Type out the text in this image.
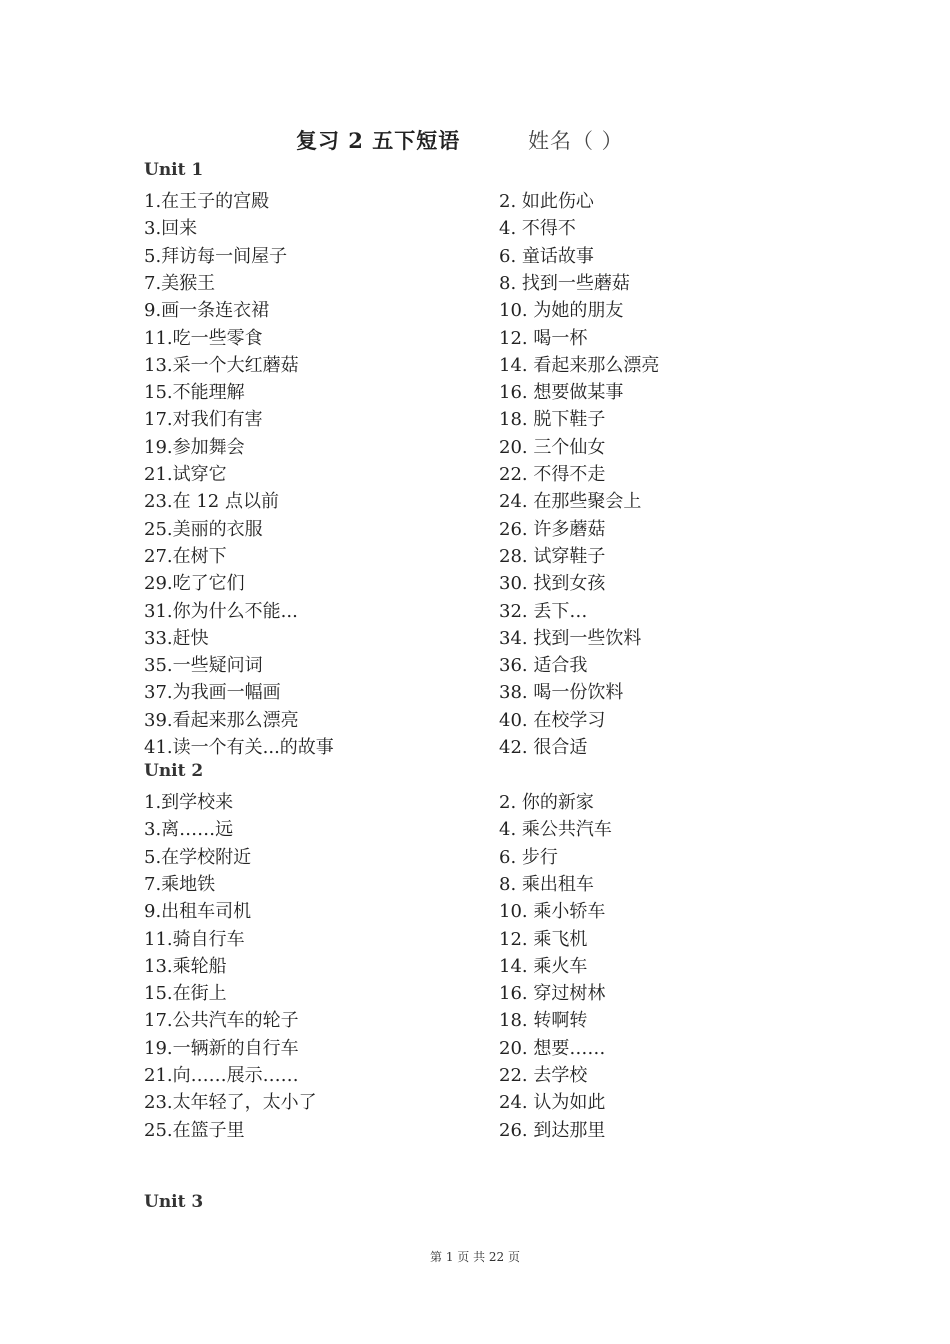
复习 2 五下短语	姓名（ ）
Unit 1
1.在王子的宫殿	2. 如此伤心
3.回来	4. 不得不
5.拜访每一间屋子	6. 童话故事
7.美猴王	8. 找到一些蘑菇
9.画一条连衣裙	10. 为她的朋友
11.吃一些零食	12. 喝一杯
13.采一个大红蘑菇	14. 看起来那么漂亮
15.不能理解	16. 想要做某事
17.对我们有害	18. 脱下鞋子
19.参加舞会	20. 三个仙女
21.试穿它	22. 不得不走
23.在 12 点以前	24. 在那些聚会上
25.美丽的衣服	26. 许多蘑菇
27.在树下	28. 试穿鞋子
29.吃了它们	30. 找到女孩
31.你为什么不能...	32. 丢下…
33.赶快	34. 找到一些饮料
35.一些疑问词	36. 适合我
37.为我画一幅画	38. 喝一份饮料
39.看起来那么漂亮	40. 在校学习
41.读一个有关...的故事	42. 很合适
Unit 2
1.到学校来	2. 你的新家
3.离……远	4. 乘公共汽车
5.在学校附近	6. 步行
7.乘地铁	8. 乘出租车
9.出租车司机	10. 乘小轿车
11.骑自行车	12. 乘飞机
13.乘轮船	14. 乘火车
15.在街上	16. 穿过树林
17.公共汽车的轮子	18. 转啊转
19.一辆新的自行车	20. 想要……
21.向……展示……	22. 去学校
23.太年轻了，太小了	24. 认为如此
25.在篮子里	26. 到达那里
Unit 3
第 1 页 共 22 页
